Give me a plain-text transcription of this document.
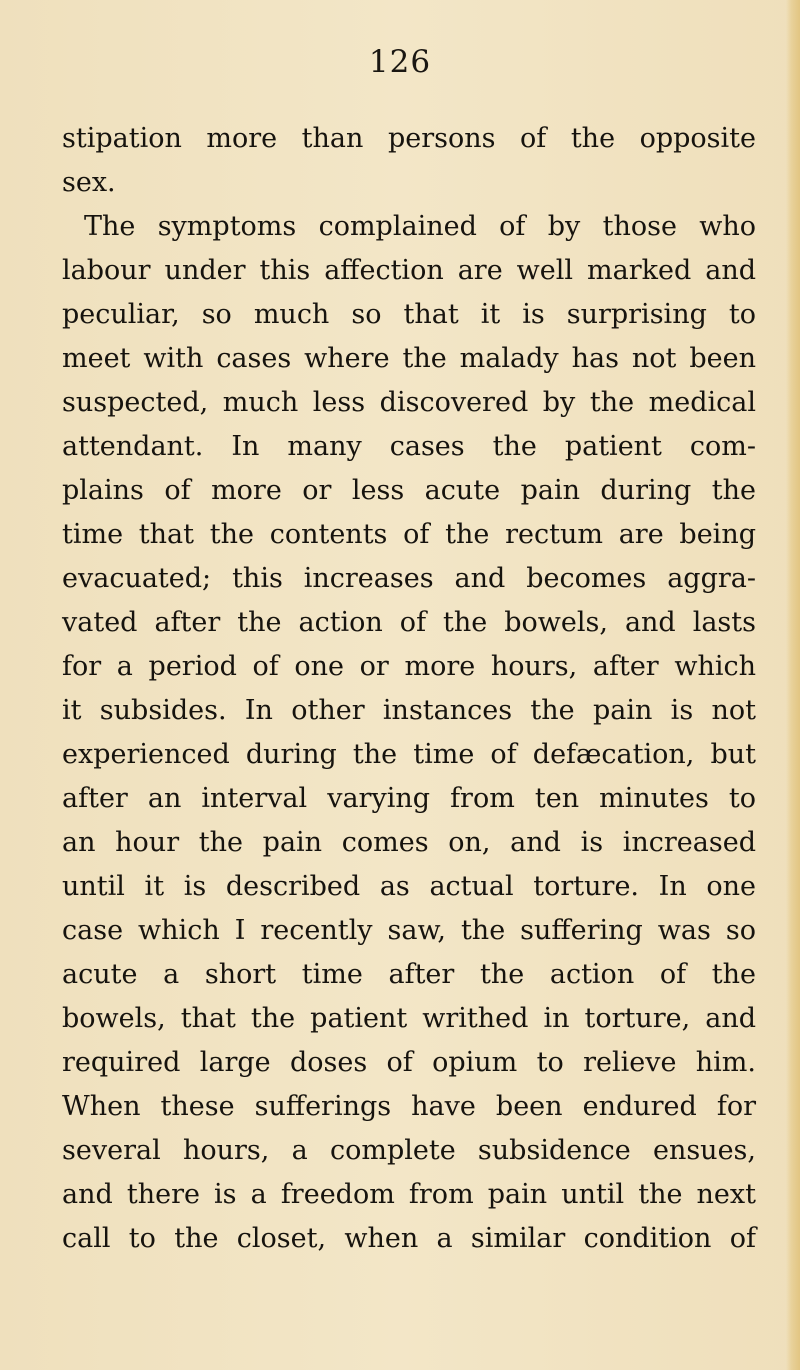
126
stipation more than persons of the opposite
sex.
The symptoms complained of by those who
labour under this affection are well marked and
peculiar, so much so that it is surprising to
meet with cases where the malady has not been
suspected, much less discovered by the medical
attendant. In many cases the patient com-
plains of more or less acute pain during the
time that the contents of the rectum are being
evacuated; this increases and becomes aggra-
vated after the action of the bowels, and lasts
for a period of one or more hours, after which
it subsides. In other instances the pain is not
experienced during the time of defæcation, but
after an interval varying from ten minutes to
an hour the pain comes on, and is increased
until it is described as actual torture. In one
case which I recently saw, the suffering was so
acute a short time after the action of the
bowels, that the patient writhed in torture, and
required large doses of opium to relieve him.
When these sufferings have been endured for
several hours, a complete subsidence ensues,
and there is a freedom from pain until the next
call to the closet, when a similar condition of
